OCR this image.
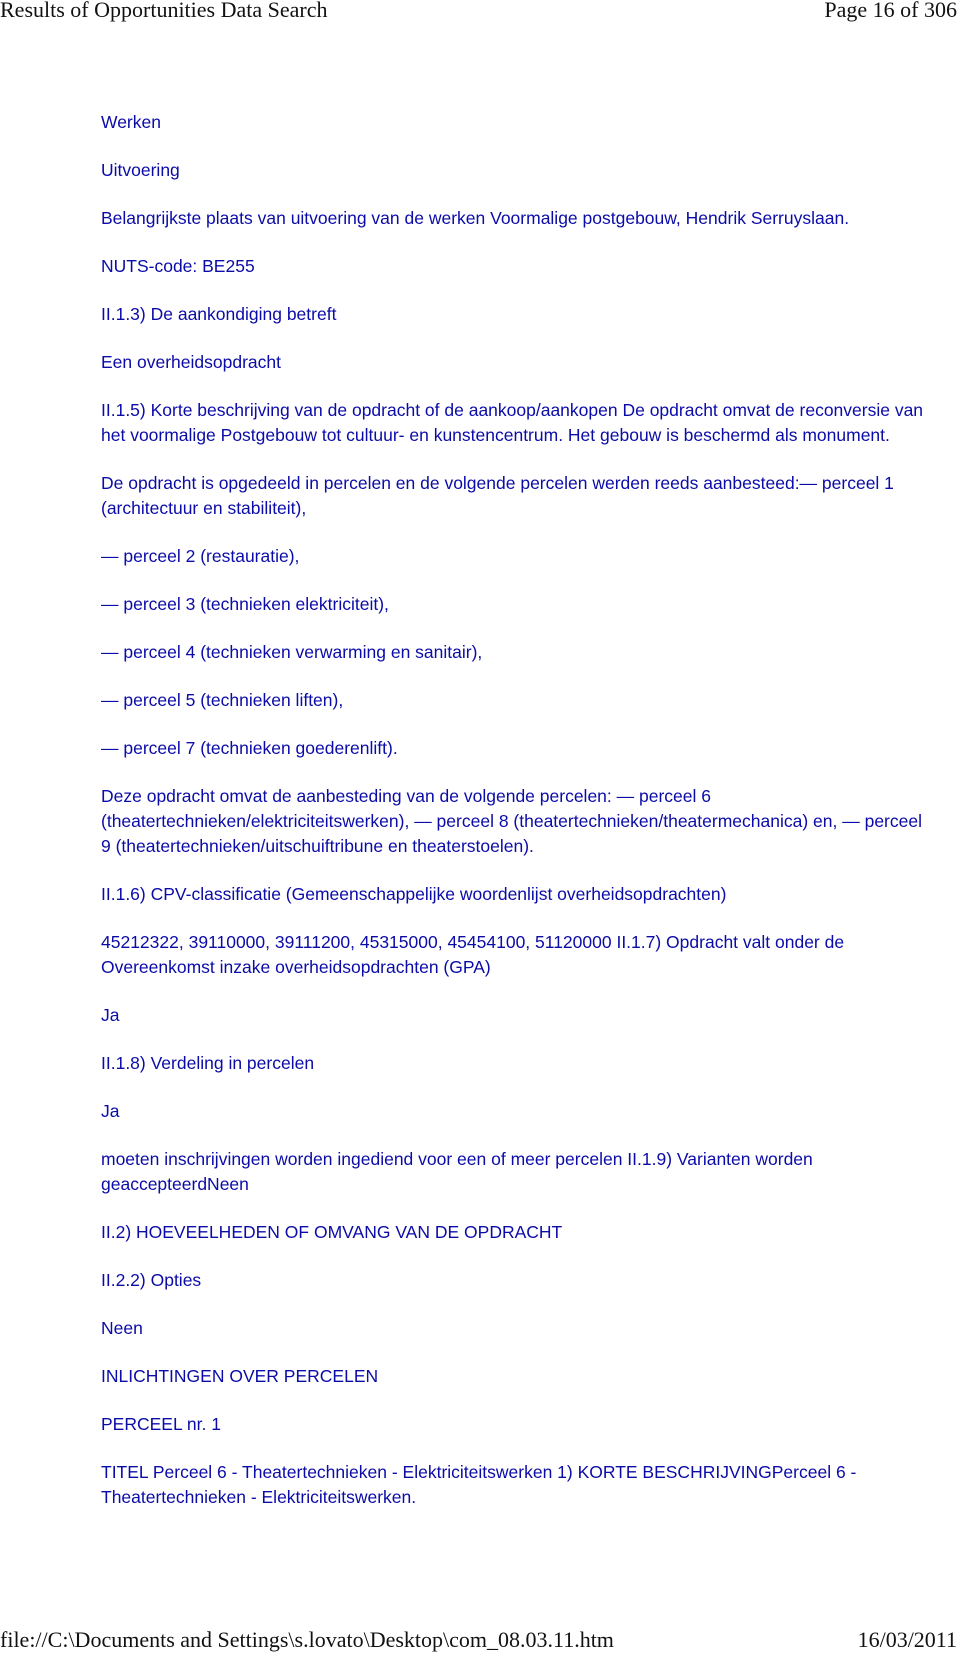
Results of Opportunities Data Search	Page 16 of 306

Werken

Uitvoering

Belangrijkste plaats van uitvoering van de werken Voormalige postgebouw, Hendrik Serruyslaan.

NUTS-code: BE255

II.1.3) De aankondiging betreft

Een overheidsopdracht

II.1.5) Korte beschrijving van de opdracht of de aankoop/aankopen De opdracht omvat de reconversie van het voormalige Postgebouw tot cultuur- en kunstencentrum. Het gebouw is beschermd als monument.

De opdracht is opgedeeld in percelen en de volgende percelen werden reeds aanbesteed:— perceel 1 (architectuur en stabiliteit),

— perceel 2 (restauratie),

— perceel 3 (technieken elektriciteit),

— perceel 4 (technieken verwarming en sanitair),

— perceel 5 (technieken liften),

— perceel 7 (technieken goederenlift).

Deze opdracht omvat de aanbesteding van de volgende percelen: — perceel 6 (theatertechnieken/elektriciteitswerken), — perceel 8 (theatertechnieken/theatermechanica) en, — perceel 9 (theatertechnieken/uitschuiftribune en theaterstoelen).

II.1.6) CPV-classificatie (Gemeenschappelijke woordenlijst overheidsopdrachten)

45212322, 39110000, 39111200, 45315000, 45454100, 51120000 II.1.7) Opdracht valt onder de Overeenkomst inzake overheidsopdrachten (GPA)

Ja

II.1.8) Verdeling in percelen

Ja

moeten inschrijvingen worden ingediend voor een of meer percelen II.1.9) Varianten worden geaccepteerdNeen

II.2) HOEVEELHEDEN OF OMVANG VAN DE OPDRACHT

II.2.2) Opties

Neen

INLICHTINGEN OVER PERCELEN

PERCEEL nr. 1

TITEL Perceel 6 - Theatertechnieken - Elektriciteitswerken 1) KORTE BESCHRIJVINGPerceel 6 - Theatertechnieken - Elektriciteitswerken.

file://C:\Documents and Settings\s.lovato\Desktop\com_08.03.11.htm	16/03/2011
